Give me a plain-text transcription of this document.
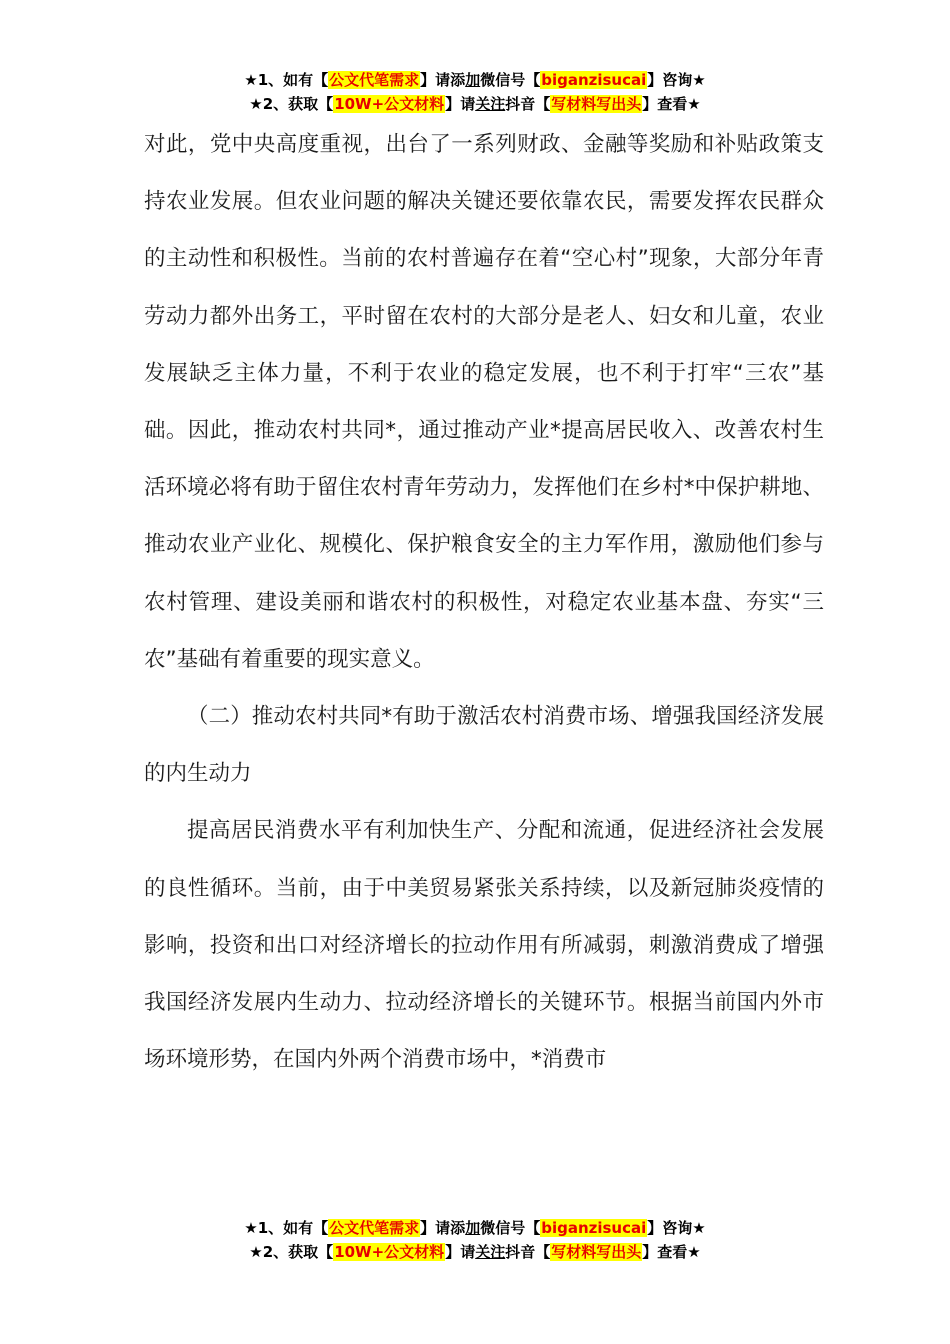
★1、如有【公文代笔需求】请添加微信号【biganzisucai】咨询★
★2、获取【10W+公文材料】请关注抖音【写材料写出头】查看★

对此，党中央高度重视，出台了一系列财政、金融等奖励和补贴政策支持农业发展。但农业问题的解决关键还要依靠农民，需要发挥农民群众的主动性和积极性。当前的农村普遍存在着“空心村”现象，大部分年青劳动力都外出务工，平时留在农村的大部分是老人、妇女和儿童，农业发展缺乏主体力量，不利于农业的稳定发展，也不利于打牢“三农”基础。因此，推动农村共同*，通过推动产业*提高居民收入、改善农村生活环境必将有助于留住农村青年劳动力，发挥他们在乡村*中保护耕地、推动农业产业化、规模化、保护粮食安全的主力军作用，激励他们参与农村管理、建设美丽和谐农村的积极性，对稳定农业基本盘、夯实“三农”基础有着重要的现实意义。

（二）推动农村共同*有助于激活农村消费市场、增强我国经济发展的内生动力

提高居民消费水平有利加快生产、分配和流通，促进经济社会发展的良性循环。当前，由于中美贸易紧张关系持续，以及新冠肺炎疫情的影响，投资和出口对经济增长的拉动作用有所减弱，刺激消费成了增强我国经济发展内生动力、拉动经济增长的关键环节。根据当前国内外市场环境形势，在国内外两个消费市场中，*消费市

★1、如有【公文代笔需求】请添加微信号【biganzisucai】咨询★
★2、获取【10W+公文材料】请关注抖音【写材料写出头】查看★
